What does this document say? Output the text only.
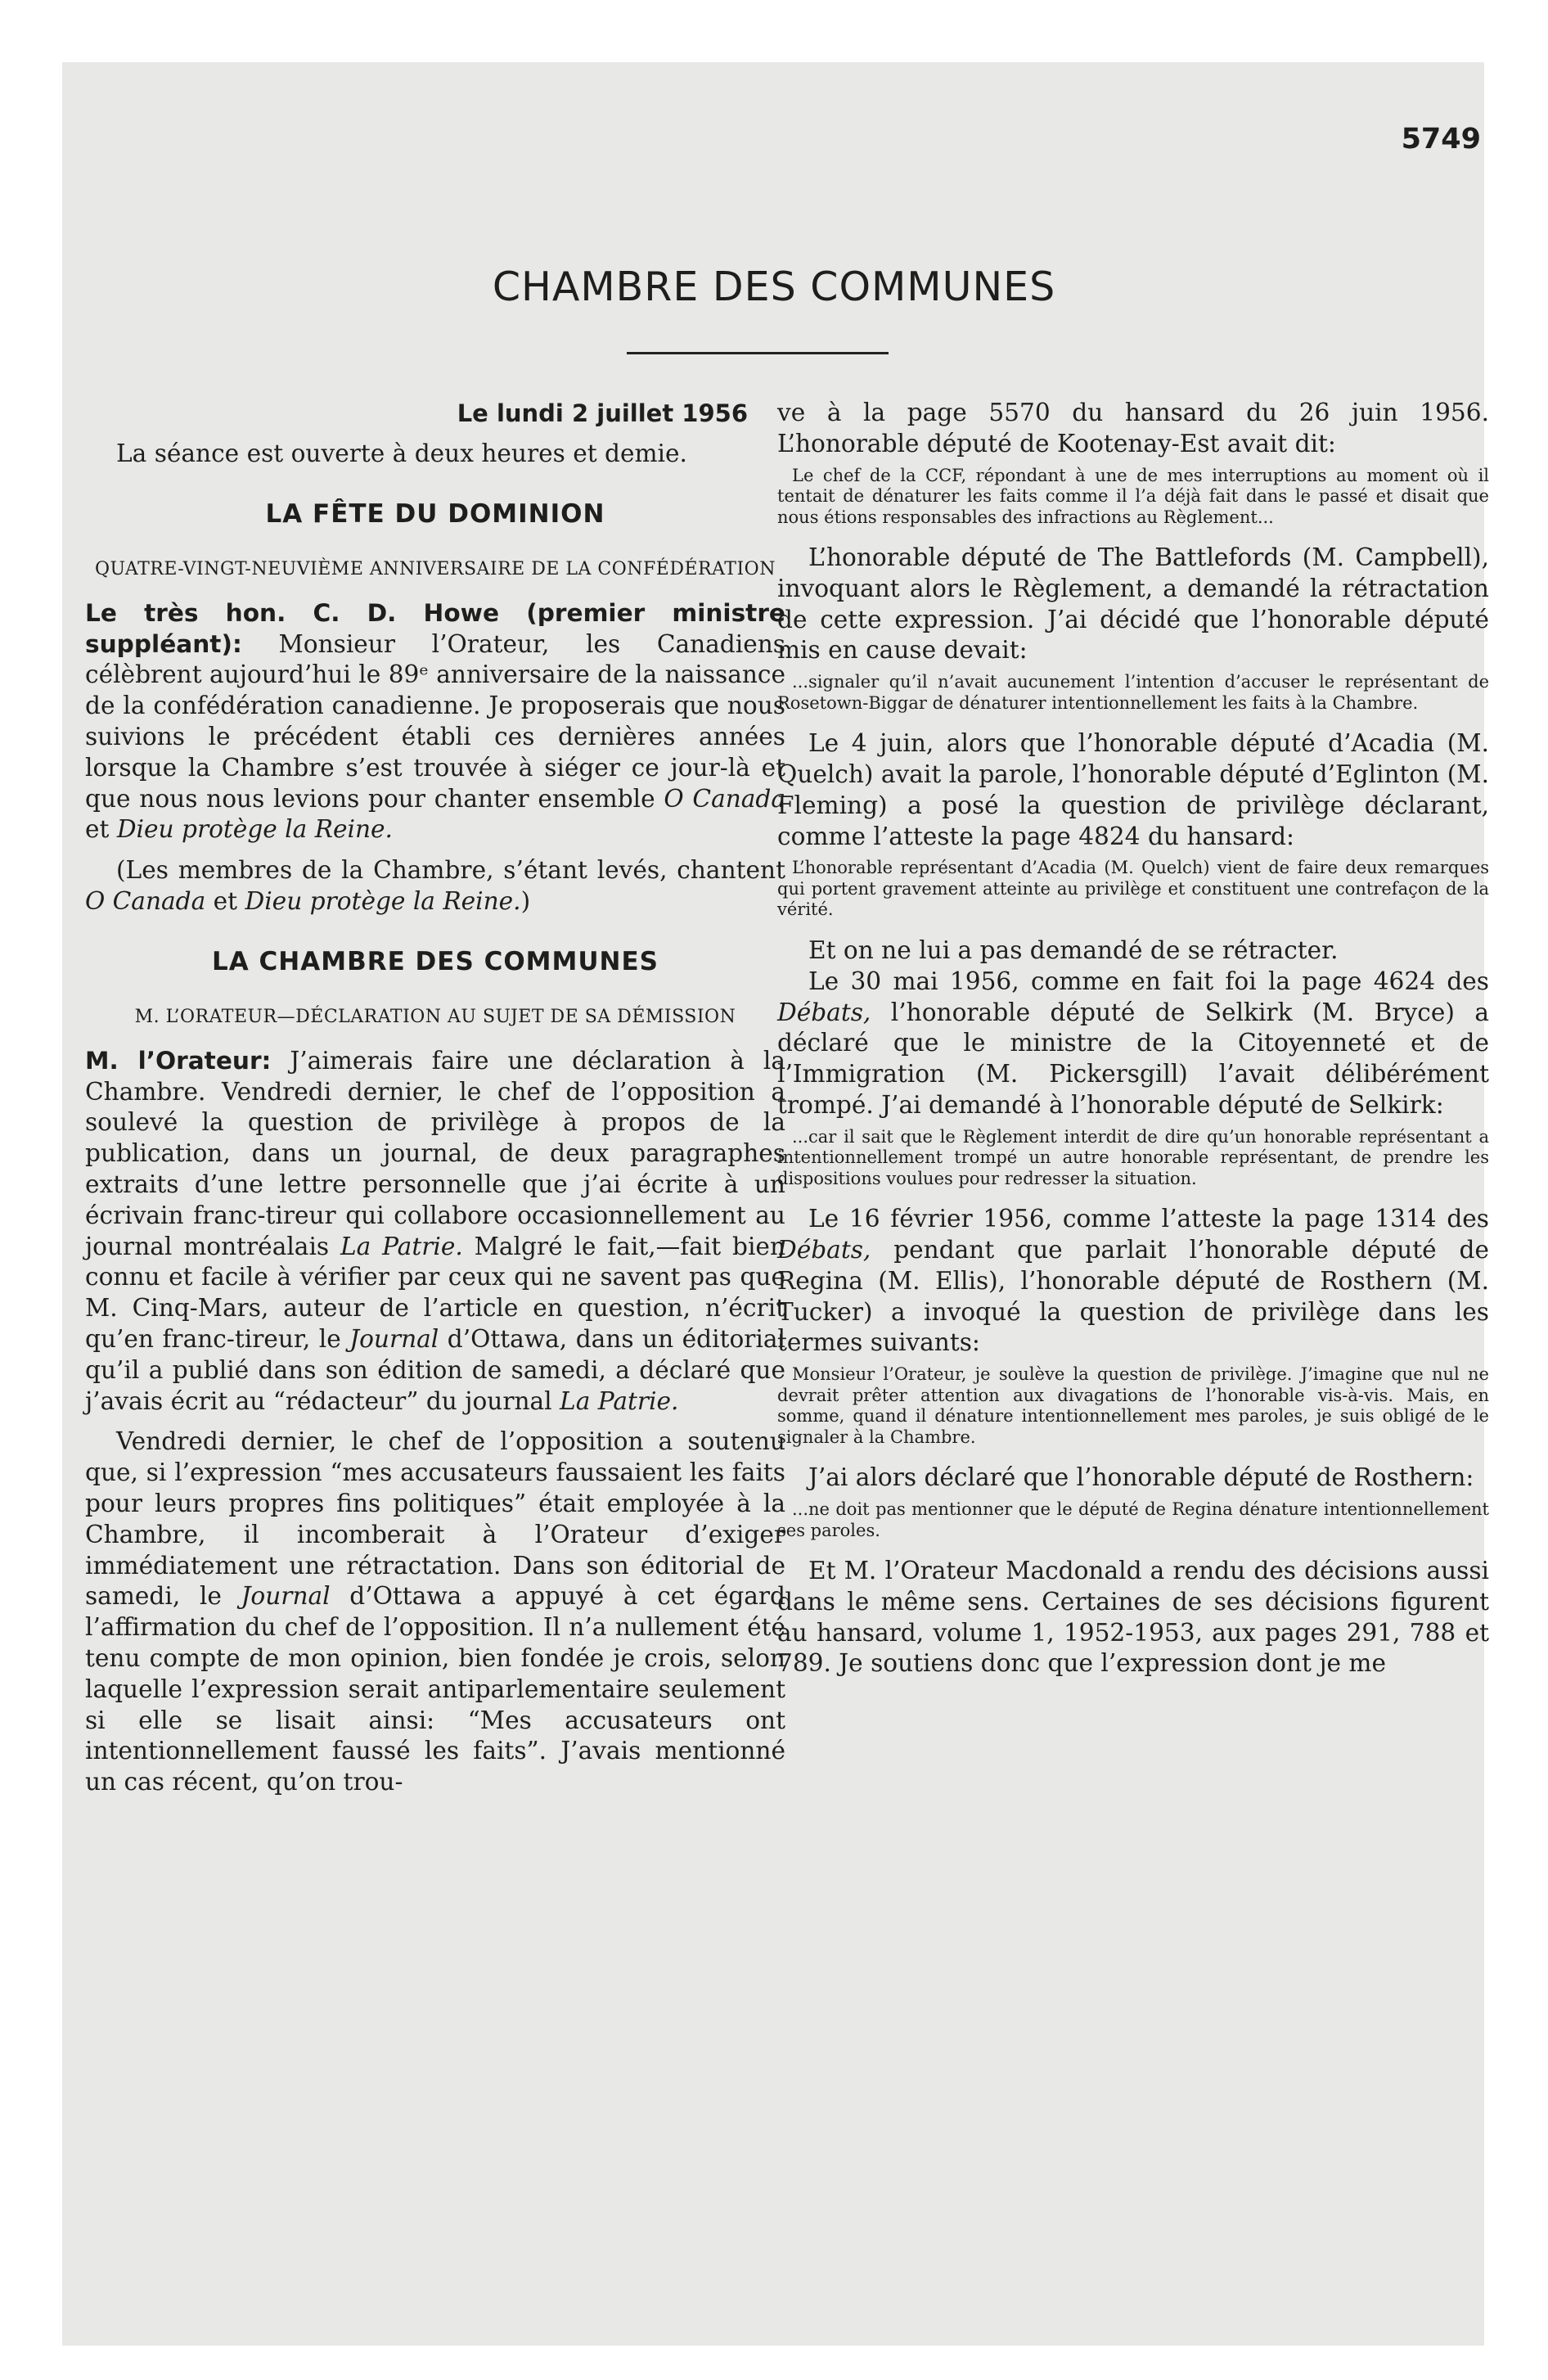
5749
CHAMBRE DES COMMUNES

Le lundi 2 juillet 1956

La séance est ouverte à deux heures et demie.

LA FÊTE DU DOMINION
QUATRE-VINGT-NEUVIÈME ANNIVERSAIRE DE LA CONFÉDÉRATION

Le très hon. C. D. Howe (premier ministre suppléant): Monsieur l’Orateur, les Canadiens célèbrent aujourd’hui le 89ᵉ anniversaire de la naissance de la confédération canadienne. Je proposerais que nous suivions le précédent établi ces dernières années lorsque la Chambre s’est trouvée à siéger ce jour-là et que nous nous levions pour chanter ensemble O Canada et Dieu protège la Reine.

(Les membres de la Chambre, s’étant levés, chantent O Canada et Dieu protège la Reine.)

LA CHAMBRE DES COMMUNES
M. L’ORATEUR—DÉCLARATION AU SUJET DE SA DÉMISSION

M. l’Orateur: J’aimerais faire une déclaration à la Chambre. Vendredi dernier, le chef de l’opposition a soulevé la question de privilège à propos de la publication, dans un journal, de deux paragraphes extraits d’une lettre personnelle que j’ai écrite à un écrivain franc-tireur qui collabore occasionnellement au journal montréalais La Patrie. Malgré le fait,—fait bien connu et facile à vérifier par ceux qui ne savent pas que M. Cinq-Mars, auteur de l’article en question, n’écrit qu’en franc-tireur, le Journal d’Ottawa, dans un éditorial qu’il a publié dans son édition de samedi, a déclaré que j’avais écrit au “rédacteur” du journal La Patrie.

Vendredi dernier, le chef de l’opposition a soutenu que, si l’expression “mes accusateurs faussaient les faits pour leurs propres fins politiques” était employée à la Chambre, il incomberait à l’Orateur d’exiger immédiatement une rétractation. Dans son éditorial de samedi, le Journal d’Ottawa a appuyé à cet égard l’affirmation du chef de l’opposition. Il n’a nullement été tenu compte de mon opinion, bien fondée je crois, selon laquelle l’expression serait antiparlementaire seulement si elle se lisait ainsi: “Mes accusateurs ont intentionnellement faussé les faits”. J’avais mentionné un cas récent, qu’on trou-

ve à la page 5570 du hansard du 26 juin 1956. L’honorable député de Kootenay-Est avait dit:

Le chef de la CCF, répondant à une de mes interruptions au moment où il tentait de dénaturer les faits comme il l’a déjà fait dans le passé et disait que nous étions responsables des infractions au Règlement...

L’honorable député de The Battlefords (M. Campbell), invoquant alors le Règlement, a demandé la rétractation de cette expression. J’ai décidé que l’honorable député mis en cause devait:

...signaler qu’il n’avait aucunement l’intention d’accuser le représentant de Rosetown-Biggar de dénaturer intentionnellement les faits à la Chambre.

Le 4 juin, alors que l’honorable député d’Acadia (M. Quelch) avait la parole, l’honorable député d’Eglinton (M. Fleming) a posé la question de privilège déclarant, comme l’atteste la page 4824 du hansard:

L’honorable représentant d’Acadia (M. Quelch) vient de faire deux remarques qui portent gravement atteinte au privilège et constituent une contrefaçon de la vérité.

Et on ne lui a pas demandé de se rétracter.

Le 30 mai 1956, comme en fait foi la page 4624 des Débats, l’honorable député de Selkirk (M. Bryce) a déclaré que le ministre de la Citoyenneté et de l’Immigration (M. Pickersgill) l’avait délibérément trompé. J’ai demandé à l’honorable député de Selkirk:

...car il sait que le Règlement interdit de dire qu’un honorable représentant a intentionnellement trompé un autre honorable représentant, de prendre les dispositions voulues pour redresser la situation.

Le 16 février 1956, comme l’atteste la page 1314 des Débats, pendant que parlait l’honorable député de Regina (M. Ellis), l’honorable député de Rosthern (M. Tucker) a invoqué la question de privilège dans les termes suivants:

Monsieur l’Orateur, je soulève la question de privilège. J’imagine que nul ne devrait prêter attention aux divagations de l’honorable vis-à-vis. Mais, en somme, quand il dénature intentionnellement mes paroles, je suis obligé de le signaler à la Chambre.

J’ai alors déclaré que l’honorable député de Rosthern:

...ne doit pas mentionner que le député de Regina dénature intentionnellement ses paroles.

Et M. l’Orateur Macdonald a rendu des décisions aussi dans le même sens. Certaines de ses décisions figurent au hansard, volume 1, 1952-1953, aux pages 291, 788 et 789. Je soutiens donc que l’expression dont je me
